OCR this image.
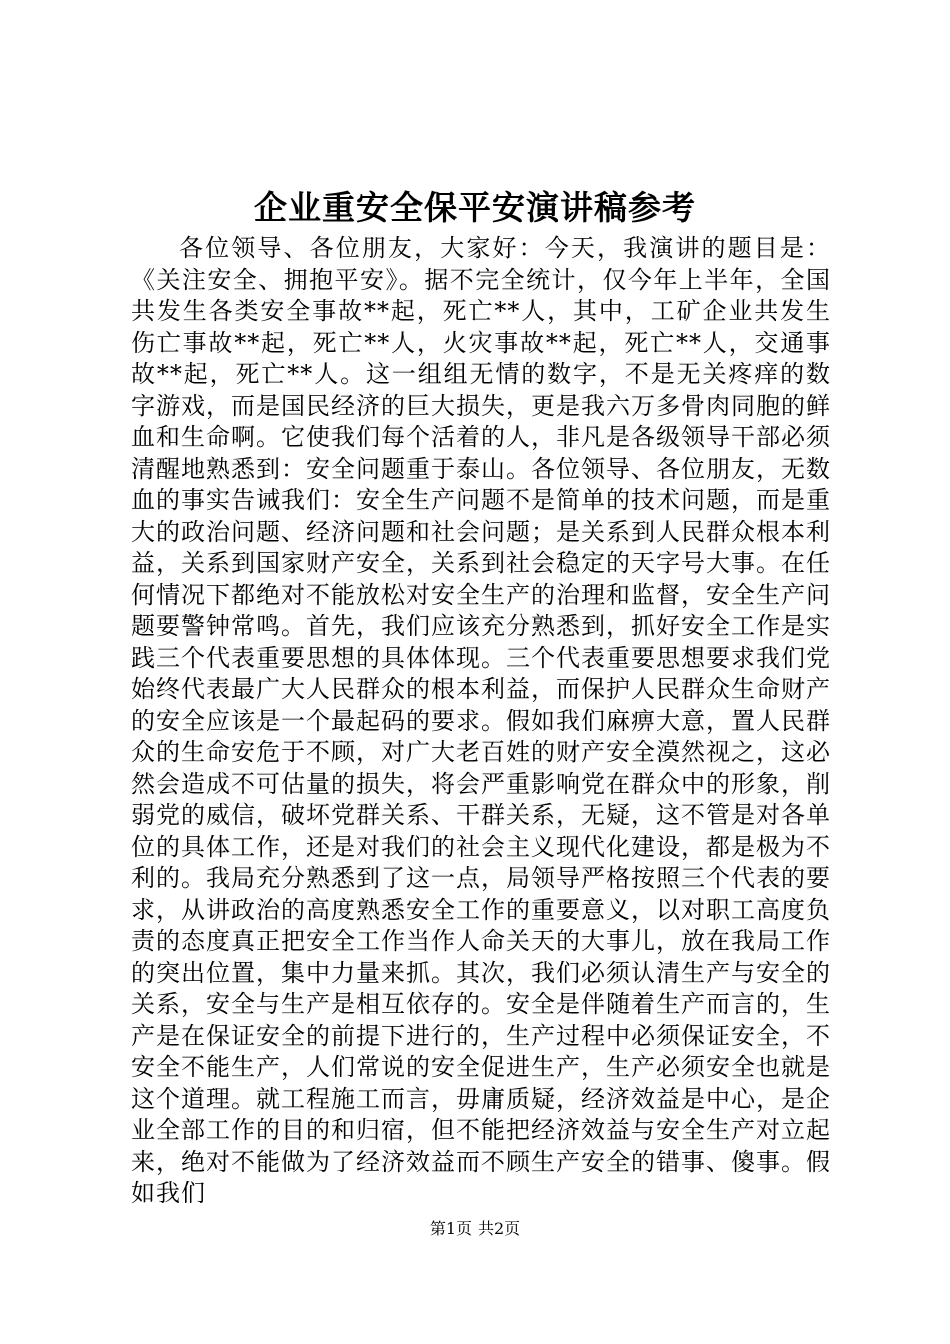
企业重安全保平安演讲稿参考

各位领导、各位朋友，大家好：今天，我演讲的题目是：《关注安全、拥抱平安》。据不完全统计，仅今年上半年，全国共发生各类安全事故**起，死亡**人，其中，工矿企业共发生伤亡事故**起，死亡**人，火灾事故**起，死亡**人，交通事故**起，死亡**人。这一组组无情的数字，不是无关疼痒的数字游戏，而是国民经济的巨大损失，更是我六万多骨肉同胞的鲜血和生命啊。它使我们每个活着的人，非凡是各级领导干部必须清醒地熟悉到：安全问题重于泰山。各位领导、各位朋友，无数血的事实告诫我们：安全生产问题不是简单的技术问题，而是重大的政治问题、经济问题和社会问题；是关系到人民群众根本利益，关系到国家财产安全，关系到社会稳定的天字号大事。在任何情况下都绝对不能放松对安全生产的治理和监督，安全生产问题要警钟常鸣。首先，我们应该充分熟悉到，抓好安全工作是实践三个代表重要思想的具体体现。三个代表重要思想要求我们党始终代表最广大人民群众的根本利益，而保护人民群众生命财产的安全应该是一个最起码的要求。假如我们麻痹大意，置人民群众的生命安危于不顾，对广大老百姓的财产安全漠然视之，这必然会造成不可估量的损失，将会严重影响党在群众中的形象，削弱党的威信，破坏党群关系、干群关系，无疑，这不管是对各单位的具体工作，还是对我们的社会主义现代化建设，都是极为不利的。我局充分熟悉到了这一点，局领导严格按照三个代表的要求，从讲政治的高度熟悉安全工作的重要意义，以对职工高度负责的态度真正把安全工作当作人命关天的大事儿，放在我局工作的突出位置，集中力量来抓。其次，我们必须认清生产与安全的关系，安全与生产是相互依存的。安全是伴随着生产而言的，生产是在保证安全的前提下进行的，生产过程中必须保证安全，不安全不能生产，人们常说的安全促进生产，生产必须安全也就是这个道理。就工程施工而言，毋庸质疑，经济效益是中心，是企业全部工作的目的和归宿，但不能把经济效益与安全生产对立起来，绝对不能做为了经济效益而不顾生产安全的错事、傻事。假如我们

第1页 共2页
